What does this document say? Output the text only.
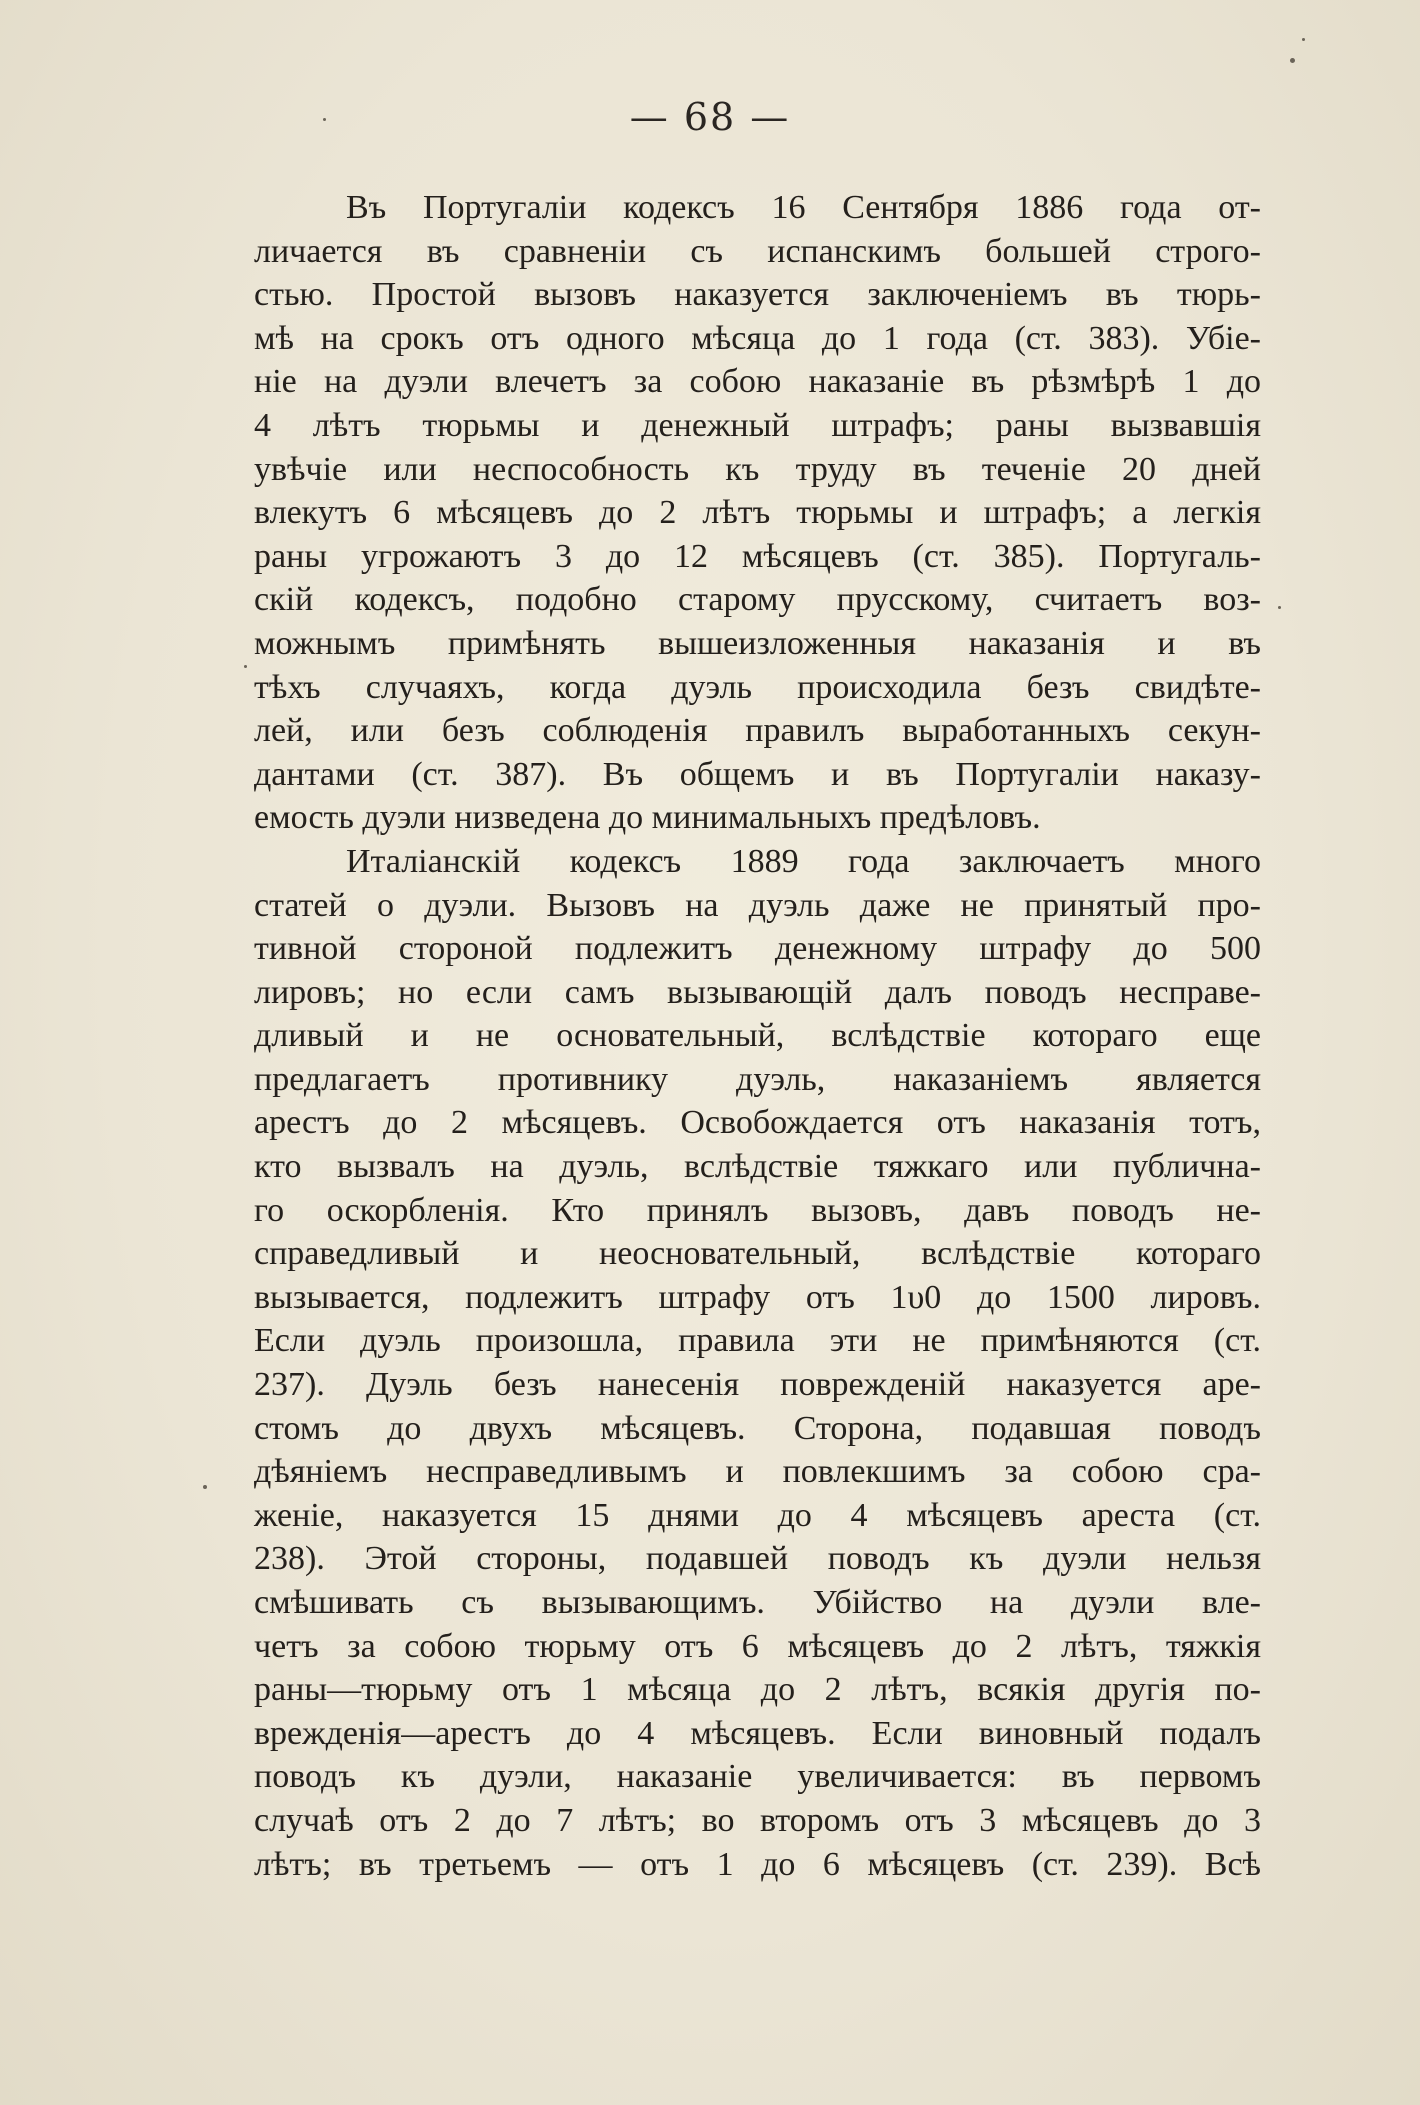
— 68 —
Въ Португалiи кодексъ 16 Сентября 1886 года от-
личается въ сравненiи съ испанскимъ большей строго-
стью. Простой вызовъ наказуется заключенiемъ въ тюрь-
мѣ на срокъ отъ одного мѣсяца до 1 года (ст. 383). Убiе-
нiе на дуэли влечетъ за собою наказанiе въ рѣзмѣрѣ 1 до
4 лѣтъ тюрьмы и денежный штрафъ; раны вызвавшiя
увѣчiе или неспособность къ труду въ теченiе 20 дней
влекутъ 6 мѣсяцевъ до 2 лѣтъ тюрьмы и штрафъ; а легкiя
раны угрожаютъ 3 до 12 мѣсяцевъ (ст. 385). Португаль-
скiй кодексъ, подобно старому прусскому, считаетъ воз-
можнымъ примѣнять вышеизложенныя наказанiя и въ
тѣхъ случаяхъ, когда дуэль происходила безъ свидѣте-
лей, или безъ соблюденiя правилъ выработанныхъ секун-
дантами (ст. 387). Въ общемъ и въ Португалiи наказу-
емость дуэли низведена до минимальныхъ предѣловъ.
Италiанскiй кодексъ 1889 года заключаетъ много
статей о дуэли. Вызовъ на дуэль даже не принятый про-
тивной стороной подлежитъ денежному штрафу до 500
лировъ; но если самъ вызывающiй далъ поводъ несправе-
дливый и не основательный, вслѣдствiе котораго еще
предлагаетъ противнику дуэль, наказанiемъ является
арестъ до 2 мѣсяцевъ. Освобождается отъ наказанiя тотъ,
кто вызвалъ на дуэль, вслѣдствiе тяжкаго или публична-
го оскорбленiя. Кто принялъ вызовъ, давъ поводъ не-
справедливый и неосновательный, вслѣдствiе котораго
вызывается, подлежитъ штрафу отъ 1υ0 до 1500 лировъ.
Если дуэль произошла, правила эти не примѣняются (ст.
237). Дуэль безъ нанесенiя поврежденiй наказуется аре-
стомъ до двухъ мѣсяцевъ. Сторона, подавшая поводъ
дѣянiемъ несправедливымъ и повлекшимъ за собою сра-
женiе, наказуется 15 днями до 4 мѣсяцевъ ареста (ст.
238). Этой стороны, подавшей поводъ къ дуэли нельзя
смѣшивать съ вызывающимъ. Убiйство на дуэли вле-
четъ за собою тюрьму отъ 6 мѣсяцевъ до 2 лѣтъ, тяжкiя
раны—тюрьму отъ 1 мѣсяца до 2 лѣтъ, всякiя другiя по-
врежденiя—арестъ до 4 мѣсяцевъ. Если виновный подалъ
поводъ къ дуэли, наказанiе увеличивается: въ первомъ
случаѣ отъ 2 до 7 лѣтъ; во второмъ отъ 3 мѣсяцевъ до 3
лѣтъ; въ третьемъ — отъ 1 до 6 мѣсяцевъ (ст. 239). Всѣ
